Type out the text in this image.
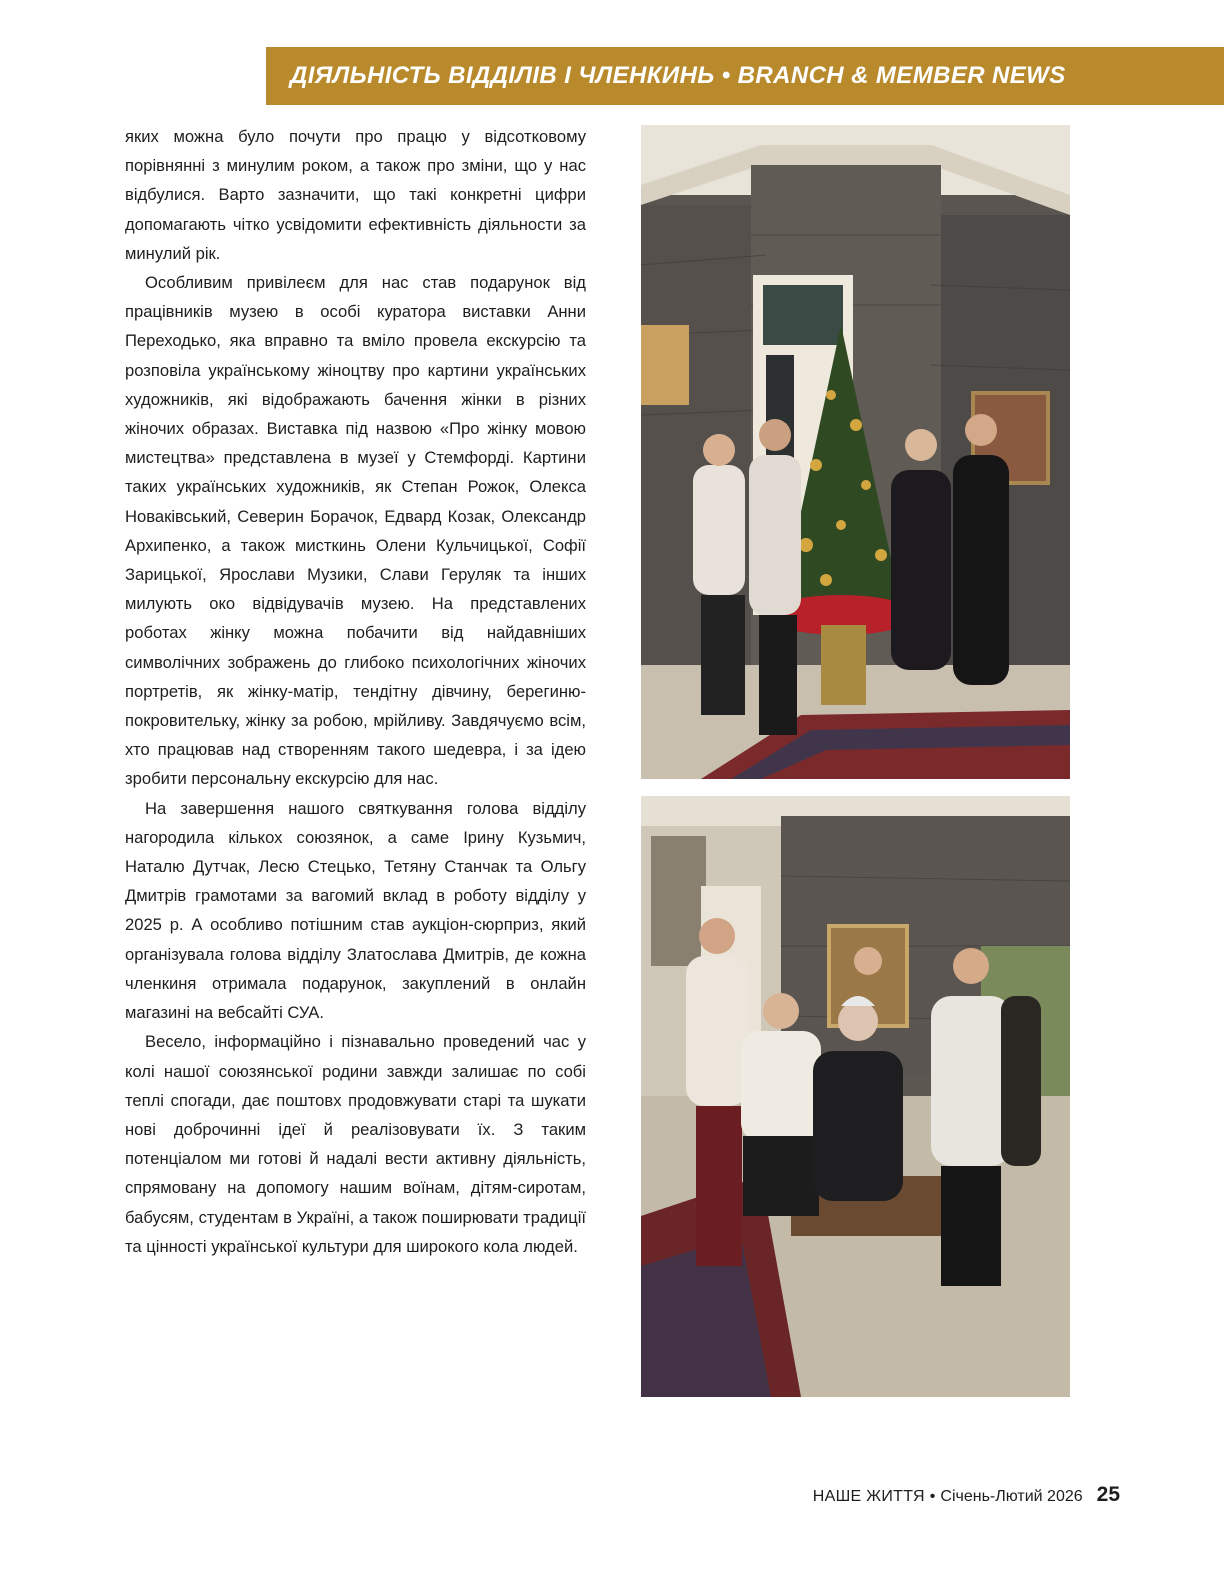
ДІЯЛЬНІСТЬ ВІДДІЛІВ І ЧЛЕНКИНЬ • BRANCH & MEMBER NEWS

яких можна було почути про працю у відсотковому порівнянні з минулим роком, а також про зміни, що у нас відбулися. Варто зазначити, що такі конкретні цифри допомагають чітко усвідомити ефективність діяльности за минулий рік.

Особливим привілеєм для нас став подарунок від працівників музею в особі куратора виставки Анни Переходько, яка вправно та вміло провела екскурсію та розповіла українському жіноцтву про картини українських художників, які відображають бачення жінки в різних жіночих образах. Виставка під назвою «Про жінку мовою мистецтва» представлена в музеї у Стемфорді. Картини таких українських художників, як Степан Рожок, Олекса Новаківський, Северин Борачок, Едвард Козак, Олександр Архипенко, а також мисткинь Олени Кульчицької, Софії Зарицької, Ярослави Музики, Слави Геруляк та інших милують око відвідувачів музею. На представлених роботах жінку можна побачити від найдавніших символічних зображень до глибоко психологічних жіночих портретів, як жінку-матір, тендітну дівчину, берегиню-покровительку, жінку за робою, мрійливу. Завдячуємо всім, хто працював над створенням такого шедевра, і за ідею зробити персональну екскурсію для нас.

На завершення нашого святкування голова відділу нагородила кількох союзянок, а саме Ірину Кузьмич, Наталю Дутчак, Лесю Стецько, Тетяну Станчак та Ольгу Дмитрів грамотами за вагомий вклад в роботу відділу у 2025 р. А особливо потішним став аукціон-сюрприз, який організувала голова відділу Златослава Дмитрів, де кожна членкиня отримала подарунок, закуплений в онлайн магазині на вебсайті СУА.

Весело, інформаційно і пізнавально проведений час у колі нашої союзянської родини завжди залишає по собі теплі спогади, дає поштовх продовжувати старі та шукати нові доброчинні ідеї й реалізовувати їх. З таким потенціалом ми готові й надалі вести активну діяльність, спрямовану на допомогу нашим воїнам, дітям-сиротам, бабусям, студентам в Україні, а також поширювати традиції та цінності української культури для широкого кола людей.

НАШЕ ЖИТТЯ • Січень-Лютий 2026 25
